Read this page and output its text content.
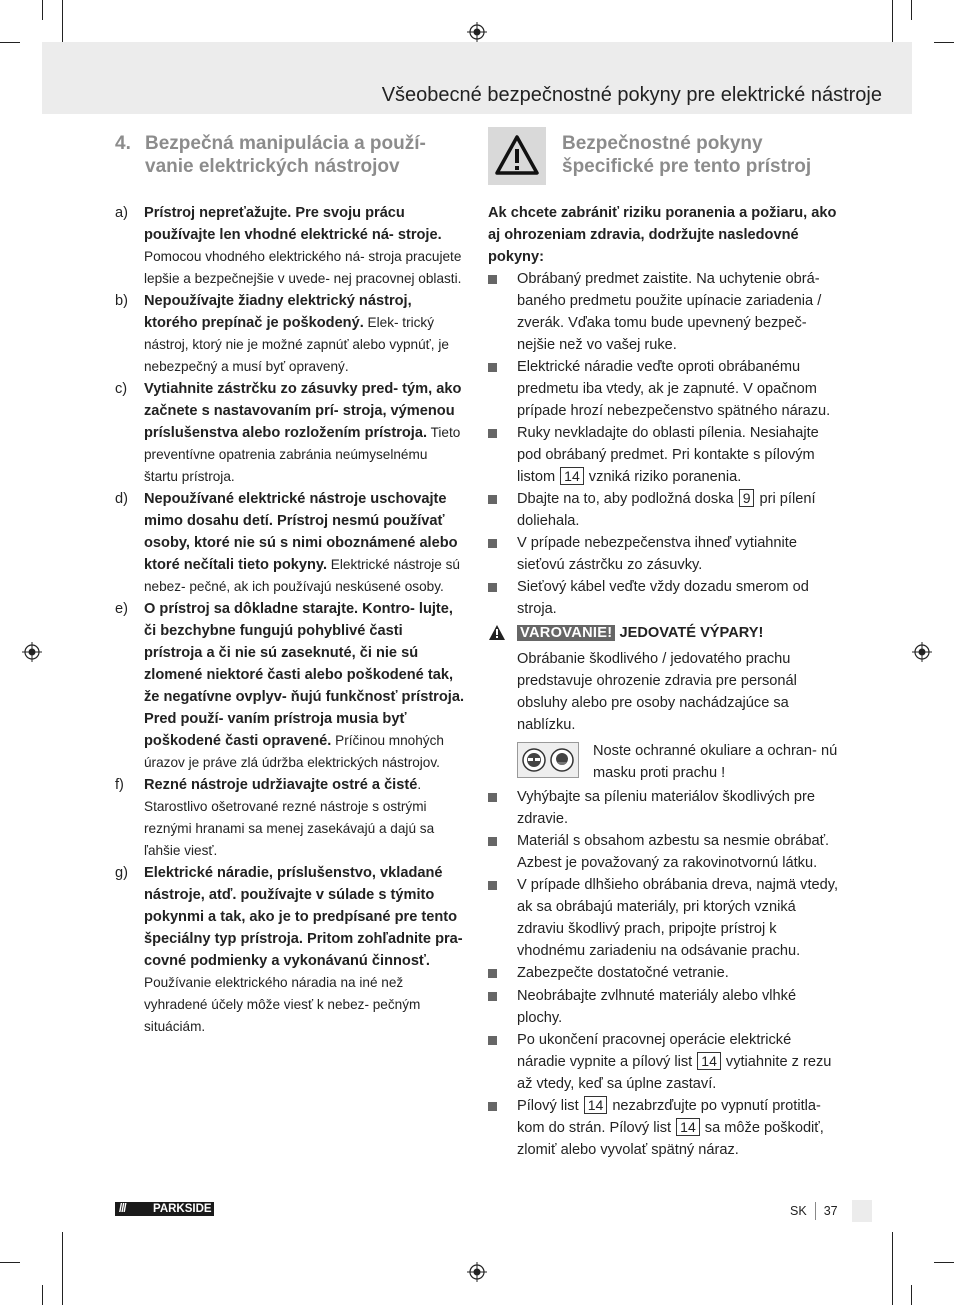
Všeobecné bezpečnostné pokyny pre elektrické nástroje
4. Bezpečná manipulácia a použí-
vanie elektrických nástrojov
a)	Prístroj nepreťažujte. Pre svoju prácu používajte len vhodné elektrické ná- stroje. Pomocou vhodného elektrického ná- stroja pracujete lepšie a bezpečnejšie v uvede- nej pracovnej oblasti.
b)	Nepoužívajte žiadny elektrický nástroj, ktorého prepínač je poškodený. Elek- trický nástroj, ktorý nie je možné zapnúť alebo vypnúť, je nebezpečný a musí byť opravený.
c)	Vytiahnite zástrčku zo zásuvky pred- tým, ako začnete s nastavovaním prí- stroja, výmenou príslušenstva alebo rozložením prístroja. Tieto preventívne opatrenia zabránia neúmyselnému štartu prístroja.
d)	Nepoužívané elektrické nástroje uschovajte mimo dosahu detí. Prístroj nesmú používať osoby, ktoré nie sú s nimi oboznámené alebo ktoré nečítali tieto pokyny. Elektrické nástroje sú nebez- pečné, ak ich používajú neskúsené osoby.
e)	O prístroj sa dôkladne starajte. Kontro- lujte, či bezchybne fungujú pohyblivé časti prístroja a či nie sú zaseknuté, či nie sú zlomené niektoré časti alebo poškodené tak, že negatívne ovplyv- ňujú funkčnosť prístroja. Pred použí- vaním prístroja musia byť poškodené časti opravené. Príčinou mnohých úrazov je práve zlá údržba elektrických nástrojov.
f)	Rezné nástroje udržiavajte ostré a čisté. Starostlivo ošetrované rezné nástroje s ostrými reznými hranami sa menej zasekávajú a dajú sa ľahšie viesť.
g)	Elektrické náradie, príslušenstvo, vkladané nástroje, atď. používajte v súlade s týmito pokynmi a tak, ako je to predpísané pre tento špeciálny typ prístroja. Pritom zohľadnite pra- covné podmienky a vykonávanú činnosť. Používanie elektrického náradia na iné než vyhradené účely môže viesť k nebez- pečným situáciám.
Bezpečnostné pokyny
špecifické pre tento prístroj
Ak chcete zabrániť riziku poranenia a požiaru, ako aj ohrozeniam zdravia, dodržujte nasledovné pokyny:
Obrábaný predmet zaistite. Na uchytenie obrá- baného predmetu použite upínacie zariadenia / zverák. Vďaka tomu bude upevnený bezpeč- nejšie než vo vašej ruke.
Elektrické náradie veďte oproti obrábanému predmetu iba vtedy, ak je zapnuté. V opačnom prípade hrozí nebezpečenstvo spätného nárazu.
Ruky nevkladajte do oblasti pílenia. Nesiahajte pod obrábaný predmet. Pri kontakte s pílovým listom 14 vzniká riziko poranenia.
Dbajte na to, aby podložná doska 9 pri pílení doliehala.
V prípade nebezpečenstva ihneď vytiahnite sieťovú zástrčku zo zásuvky.
Sieťový kábel veďte vždy dozadu smerom od stroja.
VAROVANIE! JEDOVATÉ VÝPARY!
Obrábanie škodlivého / jedovatého prachu predstavuje ohrozenie zdravia pre personál obsluhy alebo pre osoby nachádzajúce sa nablízku.
Noste ochranné okuliare a ochran- nú masku proti prachu !
Vyhýbajte sa píleniu materiálov škodlivých pre zdravie.
Materiál s obsahom azbestu sa nesmie obrábať. Azbest je považovaný za rakovinotvornú látku.
V prípade dlhšieho obrábania dreva, najmä vtedy, ak sa obrábajú materiály, pri ktorých vzniká zdraviu škodlivý prach, pripojte prístroj k vhodnému zariadeniu na odsávanie prachu.
Zabezpečte dostatočné vetranie.
Neobrábajte zvlhnuté materiály alebo vlhké plochy.
Po ukončení pracovnej operácie elektrické náradie vypnite a pílový list 14 vytiahnite z rezu až vtedy, keď sa úplne zastaví.
Pílový list 14 nezabrzďujte po vypnutí protitla- kom do strán. Pílový list 14 sa môže poškodiť, zlomiť alebo vyvolať spätný náraz.
///	PARKSIDE	SK 37
